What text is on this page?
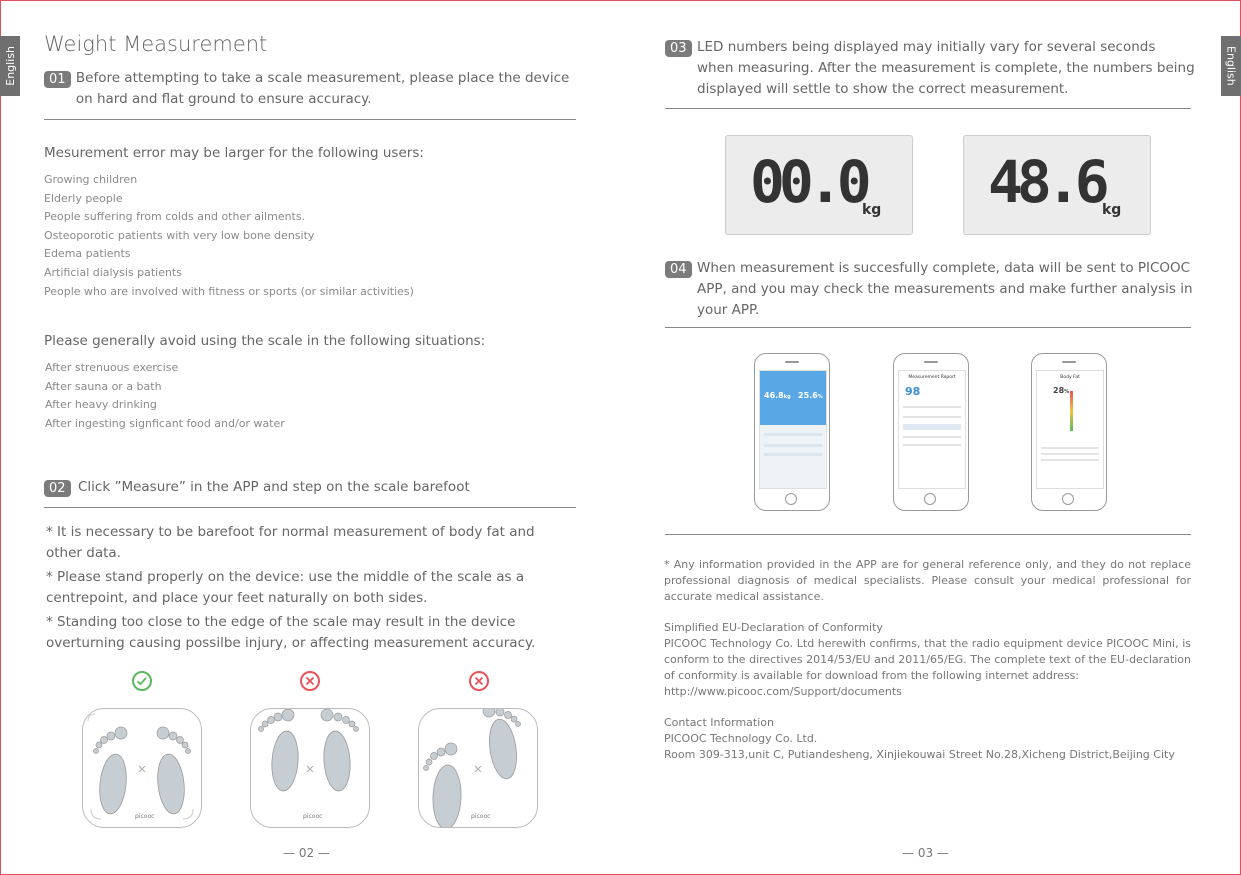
English	English
Weight Measurement
01 Before attempting to take a scale measurement, please place the device on hard and flat ground to ensure accuracy.
Mesurement error may be larger for the following users:
Growing children
Elderly people
People suffering from colds and other ailments.
Osteoporotic patients with very low bone density
Edema patients
Artificial dialysis patients
People who are involved with fitness or sports (or similar activities)
Please generally avoid using the scale in the following situations:
After strenuous exercise
After sauna or a bath
After heavy drinking
After ingesting signficant food and/or water
02 Click ”Measure” in the APP and step on the scale barefoot
* It is necessary to be barefoot for normal measurement of body fat and other data.
* Please stand properly on the device: use the middle of the scale as a centrepoint, and place your feet naturally on both sides.
* Standing too close to the edge of the scale may result in the device overturning causing possilbe injury, or affecting measurement accuracy.
picooc	picooc	picooc
— 02 —
03 LED numbers being displayed may initially vary for several seconds when measuring. After the measurement is complete, the numbers being displayed will settle to show the correct measurement.
00.0
kg 48.6
kg
04 When measurement is succesfully complete, data will be sent to PICOOC APP, and you may check the measurements and make further analysis in your APP.
46.8kg 25.6%
Measurement Report
98
Body Fat
28%
* Any information provided in the APP are for general reference only, and they do not replace professional diagnosis of medical specialists. Please consult your medical professional for accurate medical assistance.
Simplified EU-Declaration of Conformity
PICOOC Technology Co. Ltd herewith confirms, that the radio equipment device PICOOC Mini, is conform to the directives 2014/53/EU and 2011/65/EG. The complete text of the EU-declaration of conformity is available for download from the following internet address:
http://www.picooc.com/Support/documents
Contact Information
PICOOC Technology Co. Ltd.
Room 309-313,unit C, Putiandesheng, Xinjiekouwai Street No.28,Xicheng District,Beijing City
— 03 —
